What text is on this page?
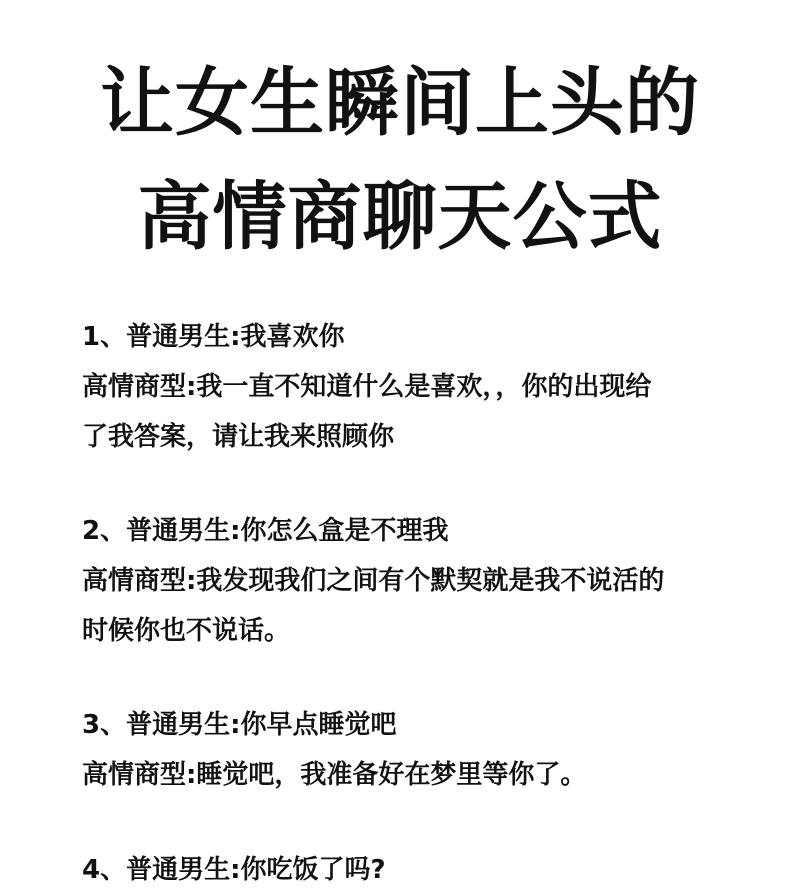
让女生瞬间上头的
高情商聊天公式
1、普通男生:我喜欢你
高情商型:我一直不知道什么是喜欢，，你的出现给
了我答案，请让我来照顾你
2、普通男生:你怎么盒是不理我
高情商型:我发现我们之间有个默契就是我不说活的
时候你也不说话。
3、普通男生:你早点睡觉吧
高情商型:睡觉吧，我准备好在梦里等你了。
4、普通男生:你吃饭了吗?
